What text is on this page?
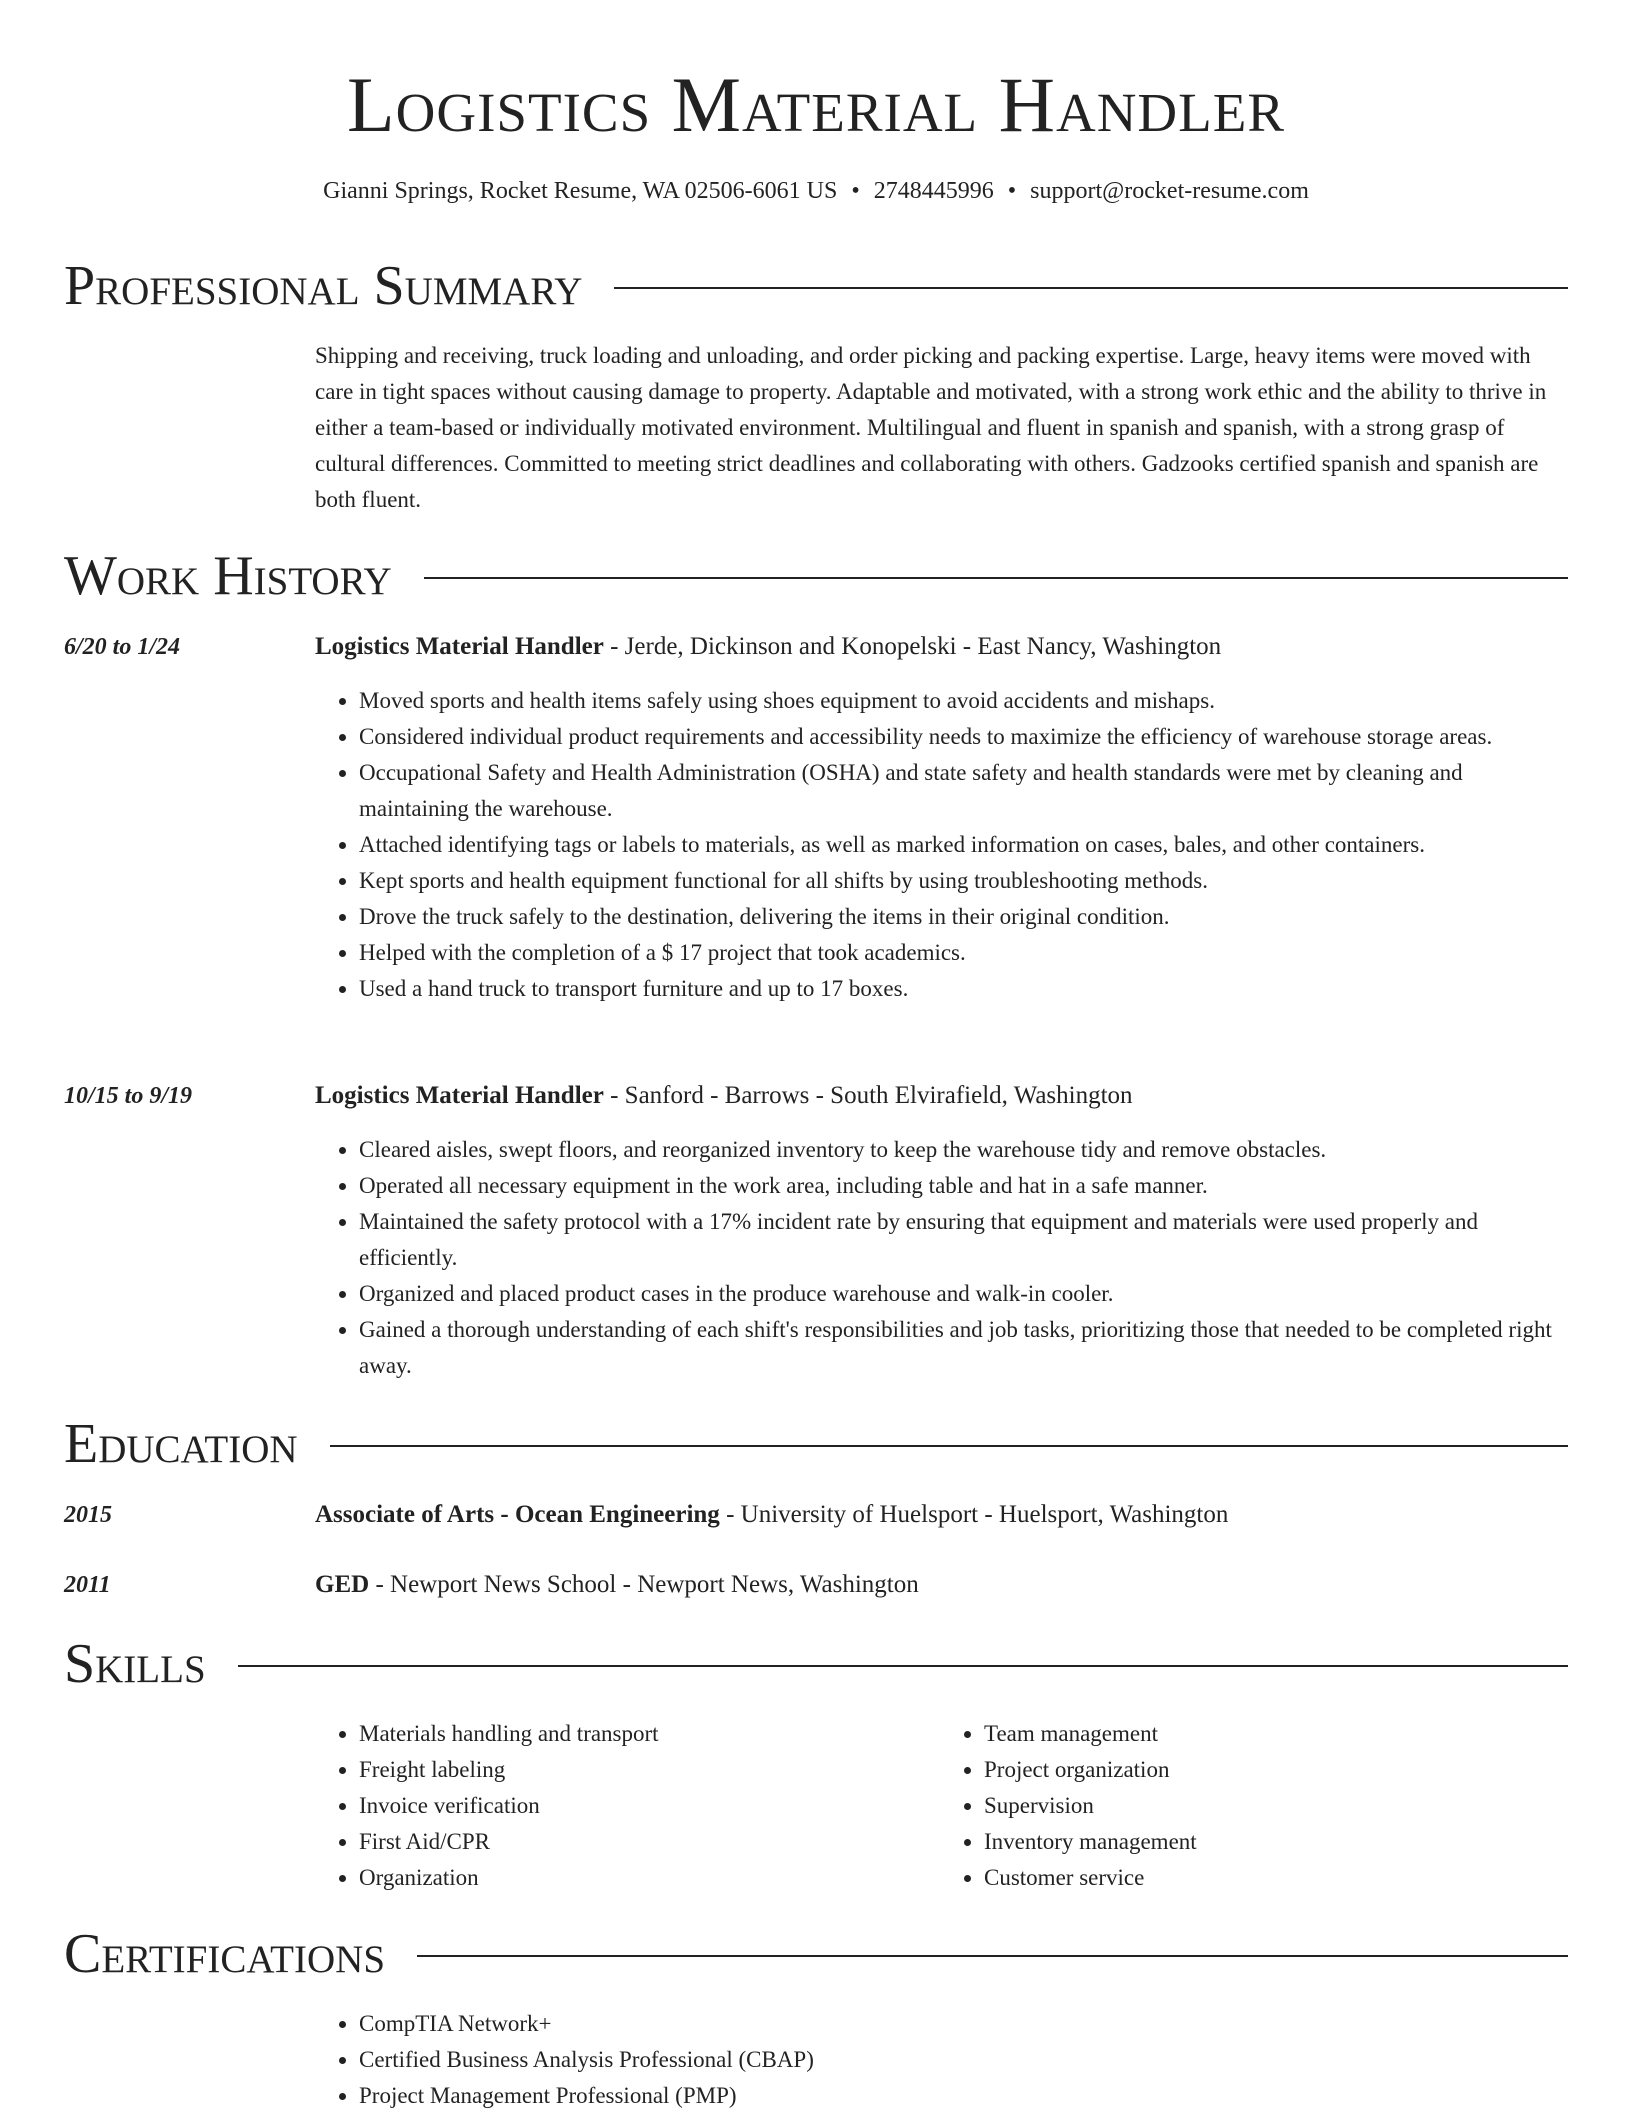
Logistics Material Handler
Gianni Springs, Rocket Resume, WA 02506-6061 US • 2748445996 • support@rocket-resume.com
Professional Summary
Shipping and receiving, truck loading and unloading, and order picking and packing expertise. Large, heavy items were moved with care in tight spaces without causing damage to property. Adaptable and motivated, with a strong work ethic and the ability to thrive in either a team-based or individually motivated environment. Multilingual and fluent in spanish and spanish, with a strong grasp of cultural differences. Committed to meeting strict deadlines and collaborating with others. Gadzooks certified spanish and spanish are both fluent.
Work History
6/20 to 1/24	Logistics Material Handler - Jerde, Dickinson and Konopelski - East Nancy, Washington
• Moved sports and health items safely using shoes equipment to avoid accidents and mishaps.
• Considered individual product requirements and accessibility needs to maximize the efficiency of warehouse storage areas.
• Occupational Safety and Health Administration (OSHA) and state safety and health standards were met by cleaning and maintaining the warehouse.
• Attached identifying tags or labels to materials, as well as marked information on cases, bales, and other containers.
• Kept sports and health equipment functional for all shifts by using troubleshooting methods.
• Drove the truck safely to the destination, delivering the items in their original condition.
• Helped with the completion of a $ 17 project that took academics.
• Used a hand truck to transport furniture and up to 17 boxes.
10/15 to 9/19	Logistics Material Handler - Sanford - Barrows - South Elvirafield, Washington
• Cleared aisles, swept floors, and reorganized inventory to keep the warehouse tidy and remove obstacles.
• Operated all necessary equipment in the work area, including table and hat in a safe manner.
• Maintained the safety protocol with a 17% incident rate by ensuring that equipment and materials were used properly and efficiently.
• Organized and placed product cases in the produce warehouse and walk-in cooler.
• Gained a thorough understanding of each shift's responsibilities and job tasks, prioritizing those that needed to be completed right away.
Education
2015	Associate of Arts - Ocean Engineering - University of Huelsport - Huelsport, Washington
2011	GED - Newport News School - Newport News, Washington
Skills
• Materials handling and transport
• Freight labeling
• Invoice verification
• First Aid/CPR
• Organization
• Team management
• Project organization
• Supervision
• Inventory management
• Customer service
Certifications
• CompTIA Network+
• Certified Business Analysis Professional (CBAP)
• Project Management Professional (PMP)
